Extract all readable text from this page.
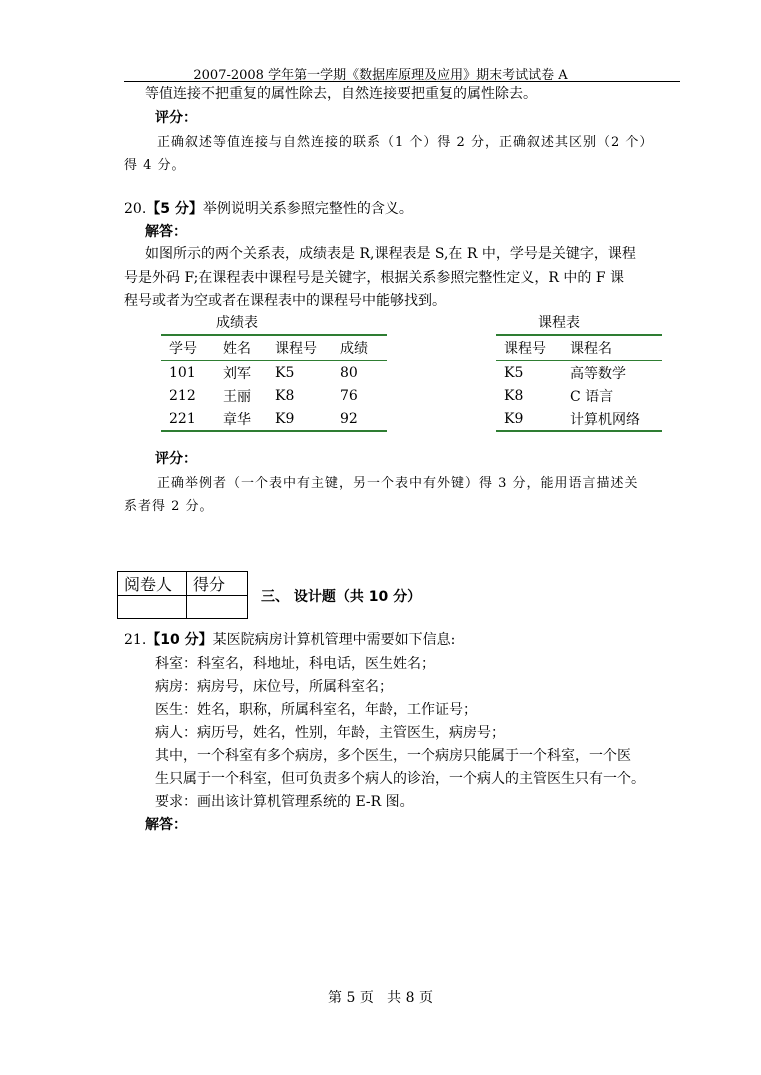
2007-2008 学年第一学期《数据库原理及应用》期末考试试卷 A
等值连接不把重复的属性除去，自然连接要把重复的属性除去。
评分：
正确叙述等值连接与自然连接的联系（1 个）得 2 分，正确叙述其区别（2 个）
得 4 分。
20.【5 分】举例说明关系参照完整性的含义。
解答：
如图所示的两个关系表，成绩表是 R,课程表是 S,在 R 中，学号是关键字，课程
号是外码 F;在课程表中课程号是关键字，根据关系参照完整性定义，R 中的 F 课
程号或者为空或者在课程表中的课程号中能够找到。
成绩表	课程表
学号	姓名	课程号	成绩
101	刘军	K5	80
212	王丽	K8	76
221	章华	K9	92
课程号	课程名
K5	高等数学
K8	C 语言
K9	计算机网络
评分：
正确举例者（一个表中有主键，另一个表中有外键）得 3 分，能用语言描述关
系者得 2 分。
阅卷人	得分

三、 设计题（共 10 分）
21.【10 分】某医院病房计算机管理中需要如下信息:
科室：科室名，科地址，科电话，医生姓名；
病房：病房号，床位号，所属科室名；
医生：姓名，职称，所属科室名，年龄，工作证号；
病人：病历号，姓名，性别，年龄，主管医生，病房号；
其中，一个科室有多个病房，多个医生，一个病房只能属于一个科室，一个医
生只属于一个科室，但可负责多个病人的诊治，一个病人的主管医生只有一个。
要求：画出该计算机管理系统的 E-R 图。
解答：
第 5 页   共 8 页
